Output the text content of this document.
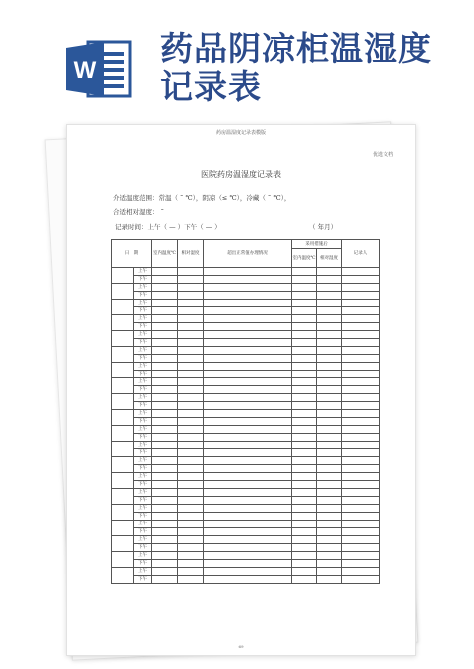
W
药品阴凉柜温湿度
记录表
药房温湿度记录表模版
优选文档
医院药房温湿度记录表
介适温度范围：常温（ ˜ ℃），阴凉（≤ ℃），冷藏（ ˜ ℃），
合适相对湿度： ˜
记录时间：上午（ — ）下午（ — ）	（ 年月）
日　期		室内温度℃	相对湿度	超出正常值办理情况	采用措施后		记录人
					室内温度℃	相对湿度	
	上午						
	下午						
	上午						
	下午						
	上午						
	下午						
	上午						
	下午						
	上午						
	下午						
	上午						
	下午						
	上午						
	下午						
	上午						
	下午						
	上午						
	下午						
	上午						
	下午						
	上午						
	下午						
	上午						
	下午						
	上午						
	下午						
	上午						
	下午						
	上午						
	下午						
	上午						
	下午						
	上午						
	下午						
	上午						
	下午						
	上午						
	下午						
	上午						
	下午						
69
